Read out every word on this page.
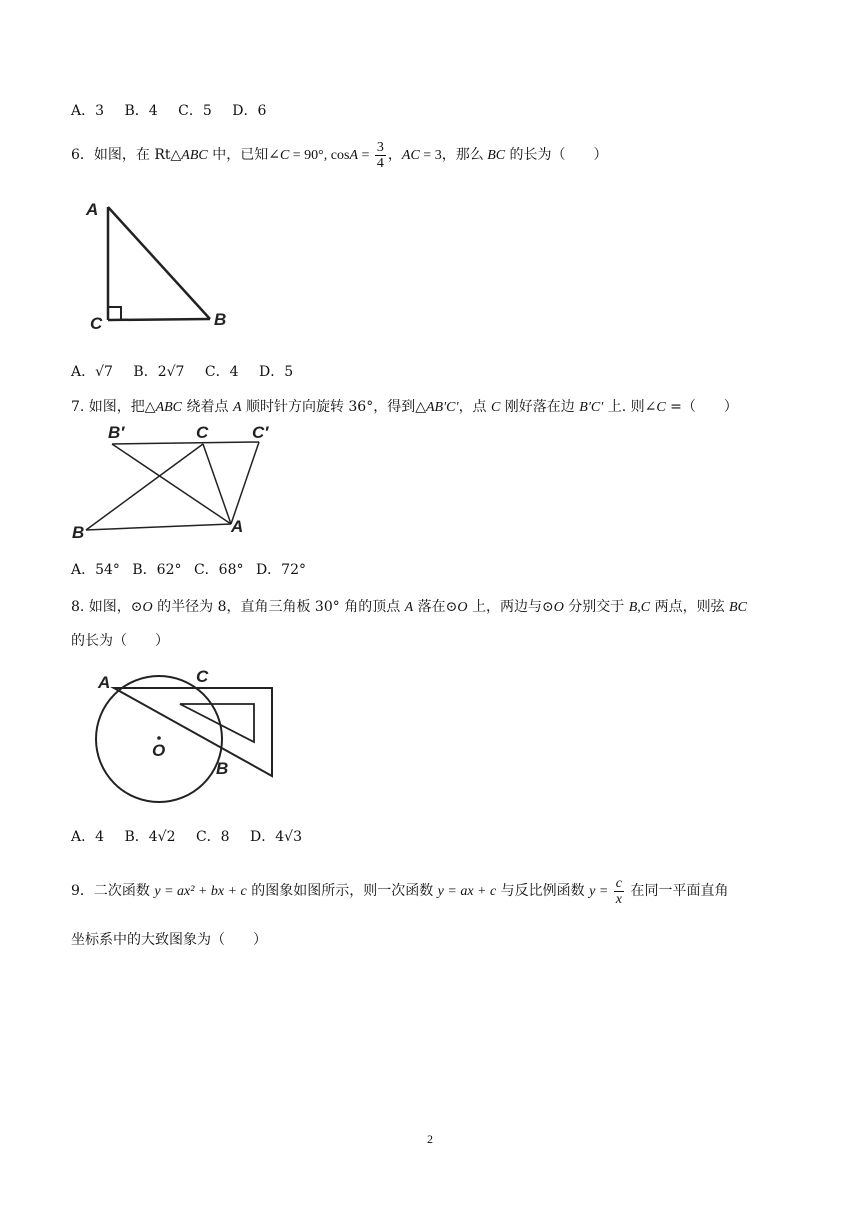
A．3 B．4 C．5 D．6
6．如图，在 Rt△ABC 中，已知∠C = 90°, $\cos A = \frac{3}{4}$ ，AC = 3，那么 BC 的长为（　　）
A
C	B
A．√7 B．2√7 C．4 D．5
7. 如图，把△ABC 绕着点 A 顺时针方向旋转 36°，得到△AB′C′，点 C 刚好落在边 B′C′ 上. 则∠C =（　　）
B′	C	C′
B	A
A．54° B．62° C．68° D．72°
8. 如图，⊙O 的半径为 8，直角三角板 30° 角的顶点 A 落在⊙O 上，两边与⊙O 分别交于 B,C 两点，则弦 BC
的长为（　　）
A	C
O
B
A．4 B．4√2 C．8 D．4√3
9．二次函数 y = ax² + bx + c 的图象如图所示，则一次函数 y = ax + c 与反比例函数 $y = \frac{c}{x}$ 在同一平面直角
坐标系中的大致图象为（　　）
2
